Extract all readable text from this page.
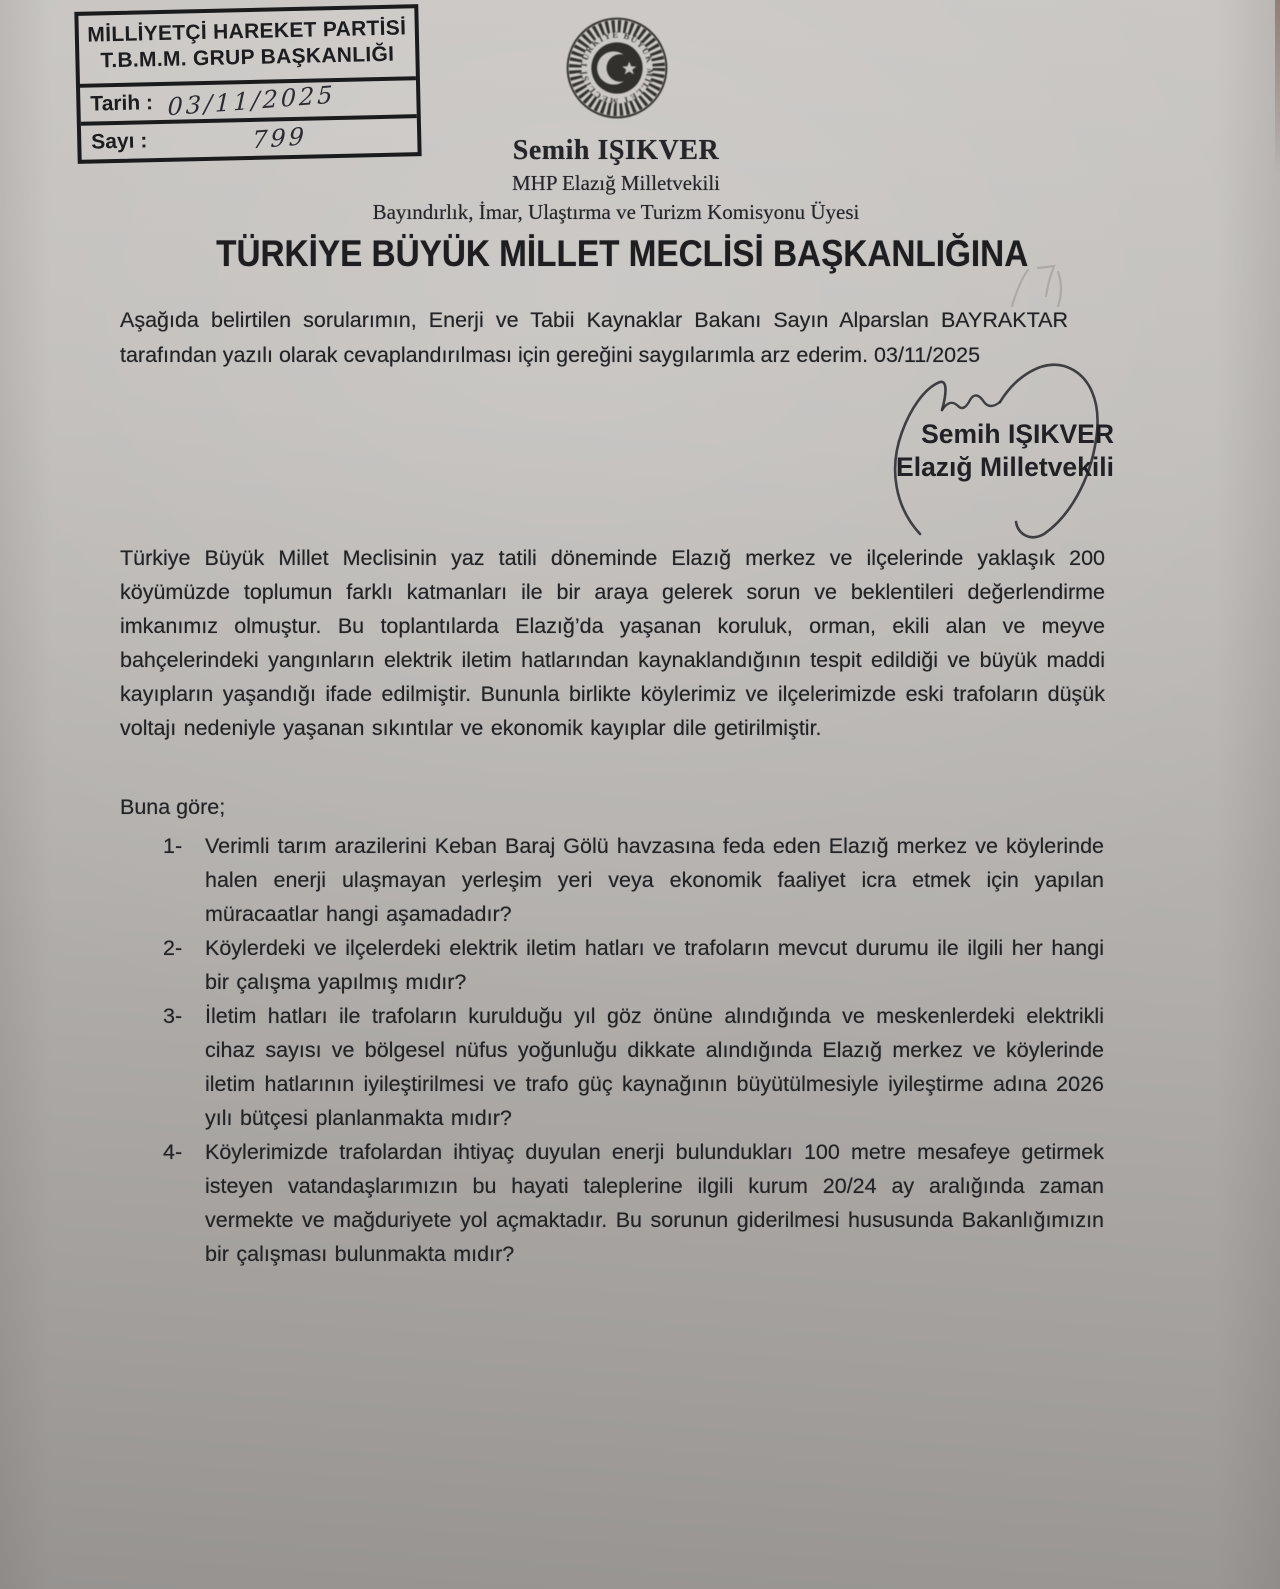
MİLLİYETÇİ HAREKET PARTİSİ
T.B.M.M. GRUP BAŞKANLIĞI
Tarih : 03/11/2025
Sayı :	799
TÜRKİYE BÜYÜK MİLLET MECLİSİ
Semih IŞIKVER
MHP Elazığ Milletvekili
Bayındırlık, İmar, Ulaştırma ve Turizm Komisyonu Üyesi
TÜRKİYE BÜYÜK MİLLET MECLİSİ BAŞKANLIĞINA
Aşağıda belirtilen sorularımın, Enerji ve Tabii Kaynaklar Bakanı Sayın Alparslan BAYRAKTAR tarafından yazılı olarak cevaplandırılması için gereğini saygılarımla arz ederim. 03/11/2025
Semih IŞIKVER
Elazığ Milletvekili
Türkiye Büyük Millet Meclisinin yaz tatili döneminde Elazığ merkez ve ilçelerinde yaklaşık 200 köyümüzde toplumun farklı katmanları ile bir araya gelerek sorun ve beklentileri değerlendirme imkanımız olmuştur. Bu toplantılarda Elazığ’da yaşanan koruluk, orman, ekili alan ve meyve bahçelerindeki yangınların elektrik iletim hatlarından kaynaklandığının tespit edildiği ve büyük maddi kayıpların yaşandığı ifade edilmiştir. Bununla birlikte köylerimiz ve ilçelerimizde eski trafoların düşük voltajı nedeniyle yaşanan sıkıntılar ve ekonomik kayıplar dile getirilmiştir.
Buna göre;
1-	Verimli tarım arazilerini Keban Baraj Gölü havzasına feda eden Elazığ merkez ve köylerinde halen enerji ulaşmayan yerleşim yeri veya ekonomik faaliyet icra etmek için yapılan müracaatlar hangi aşamadadır?
2-	Köylerdeki ve ilçelerdeki elektrik iletim hatları ve trafoların mevcut durumu ile ilgili her hangi bir çalışma yapılmış mıdır?
3-	İletim hatları ile trafoların kurulduğu yıl göz önüne alındığında ve meskenlerdeki elektrikli cihaz sayısı ve bölgesel nüfus yoğunluğu dikkate alındığında Elazığ merkez ve köylerinde iletim hatlarının iyileştirilmesi ve trafo güç kaynağının büyütülmesiyle iyileştirme adına 2026 yılı bütçesi planlanmakta mıdır?
4-	Köylerimizde trafolardan ihtiyaç duyulan enerji bulundukları 100 metre mesafeye getirmek isteyen vatandaşlarımızın bu hayati taleplerine ilgili kurum 20/24 ay aralığında zaman vermekte ve mağduriyete yol açmaktadır. Bu sorunun giderilmesi hususunda Bakanlığımızın bir çalışması bulunmakta mıdır?
